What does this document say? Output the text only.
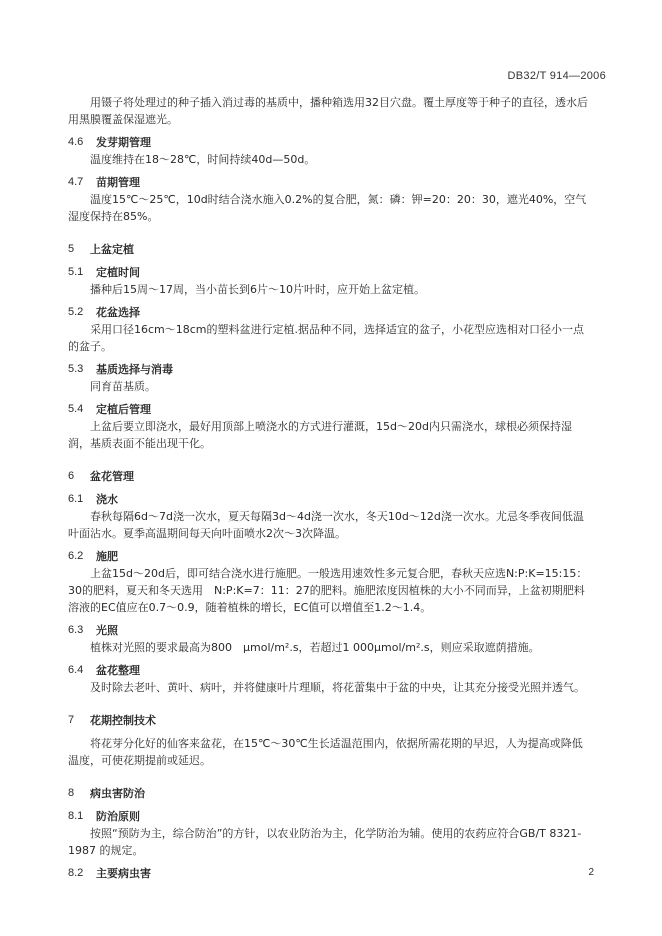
DB32/T 914—2006

用镊子将处理过的种子插入消过毒的基质中，播种箱选用32目穴盘。覆土厚度等于种子的直径，透水后用黑膜覆盖保湿遮光。

4.6	发芽期管理

温度维持在18～28℃，时间持续40d—50d。

4.7	苗期管理

温度15℃～25℃，10d时结合浇水施入0.2%的复合肥，氮：磷：钾=20：20：30，遮光40%，空气湿度保持在85%。

5	上盆定植
5.1	定植时间

播种后15周～17周，当小苗长到6片～10片叶时，应开始上盆定植。

5.2	花盆选择

采用口径16cm～18cm的塑料盆进行定植.据品种不同，选择适宜的盆子，小花型应选相对口径小一点的盆子。

5.3	基质选择与消毒

同育苗基质。

5.4	定植后管理

上盆后要立即浇水，最好用顶部上喷浇水的方式进行灌溉，15d～20d内只需浇水，球根必须保持湿润，基质表面不能出现干化。

6	盆花管理
6.1	浇水

春秋每隔6d～7d浇一次水，夏天每隔3d～4d浇一次水，冬天10d～12d浇一次水。尤忌冬季夜间低温叶面沾水。夏季高温期间每天向叶面喷水2次～3次降温。

6.2	施肥

上盆15d～20d后，即可结合浇水进行施肥。一般选用速效性多元复合肥，春秋天应选N:P:K=15:15：30的肥料，夏天和冬天选用　N:P:K=7：11：27的肥料。施肥浓度因植株的大小不同而异，上盆初期肥料溶液的EC值应在0.7～0.9，随着植株的增长，EC值可以增值至1.2～1.4。

6.3	光照

植株对光照的要求最高为800　μmol/m².s，若超过1 000μmol/m².s，则应采取遮荫措施。

6.4	盆花整理

及时除去老叶、黄叶、病叶，并将健康叶片理顺，将花蕾集中于盆的中央，让其充分接受光照并透气。

7	花期控制技术

将花芽分化好的仙客来盆花，在15℃～30℃生长适温范围内，依据所需花期的早迟，人为提高或降低温度，可使花期提前或延迟。

8	病虫害防治
8.1	防治原则

按照“预防为主，综合防治”的方针，以农业防治为主，化学防治为辅。使用的农药应符合GB/T 8321-1987 的规定。

8.2	主要病虫害	2
